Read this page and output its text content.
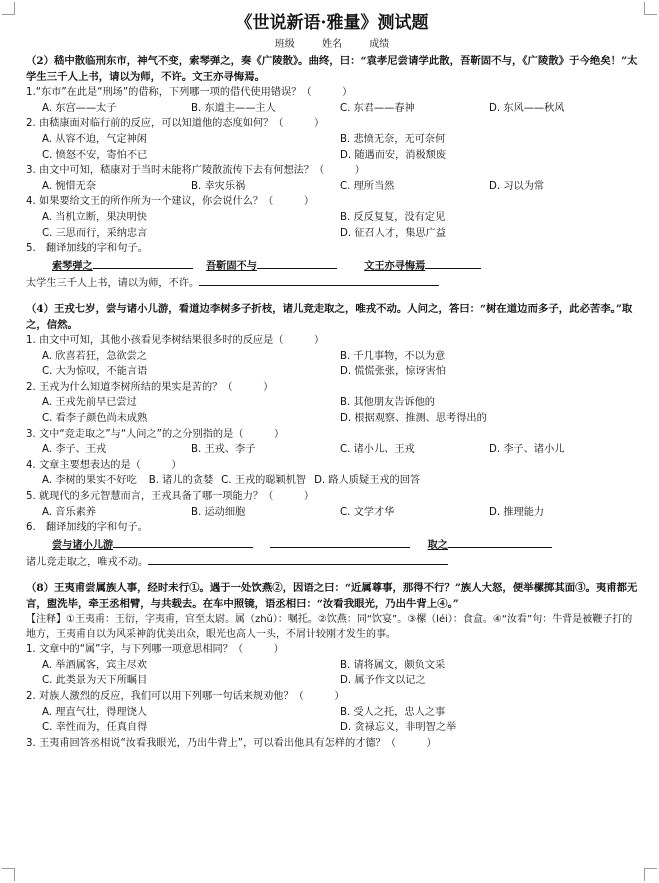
《世说新语·雅量》测试题
班级	姓名	成绩
（2）嵇中散临刑东市，神气不变，索琴弹之，奏《广陵散》。曲终，曰：“袁孝尼尝请学此散，吾靳固不与，《广陵散》于今绝矣！”太学生三千人上书，请以为师，不许。文王亦寻悔焉。
1.“东市”在此是“刑场”的借称，下列哪一项的借代使用错误？（　　　）
A. 东宫——太子	B. 东道主——主人	C. 东君——春神	D. 东风——秋风
2. 由嵇康面对临行前的反应，可以知道他的态度如何？（　　　）
A. 从容不迫，气定神闲	B. 悲愤无奈，无可奈何
C. 愤怒不安，寄怕不已	D. 随遇而安，消极颓废
3. 由文中可知，嵇康对于当时未能将广陵散流传下去有何想法？（　　　）
A. 惋惜无奈	B. 幸灾乐祸	C. 理所当然	D. 习以为常
4. 如果要给文王的所作所为一个建议，你会说什么？（　　　）
A. 当机立断，果决明快	B. 反反复复，没有定见
C. 三思而行，采纳忠言	D. 征召人才，集思广益
5.　翻译加线的字和句子。
索琴弹之	吾靳固不与	文王亦寻悔焉
太学生三千人上书，请以为师，不许。
（4）王戎七岁，尝与诸小儿游，看道边李树多子折枝，诸儿竞走取之，唯戎不动。人问之，答曰：“树在道边而多子，此必苦李。”取之，信然。
1. 由文中可知，其他小孩看见李树结果很多时的反应是（　　　）
A. 欣喜若狂，急欲尝之	B. 千几事物，不以为意
C. 大为惊叹，不能言语	D. 慌慌张张，惊讶害怕
2. 王戎为什么知道李树所结的果实是苦的？（　　　）
A. 王戎先前早已尝过	B. 其他朋友告诉他的
C. 看李子颜色尚未成熟	D. 根据观察、推测、思考得出的
3. 文中“竞走取之”与“人问之”的之分别指的是（　　　）
A. 李子、王戎	B. 王戎、李子	C. 诸小儿、王戎	D. 李子、诸小儿
4. 文章主要想表达的是（　　　）
A. 李树的果实不好吃 B. 诸儿的贪婪 C. 王戎的聪颖机智 D. 路人质疑王戎的回答
5. 就现代的多元智慧而言，王戎具备了哪一项能力？（　　　）
A. 音乐素养	B. 运动细胞	C. 文学才华	D. 推理能力
6.　翻译加线的字和句子。
尝与诸小儿游	取之
诸儿竞走取之，唯戎不动。
（8）王夷甫尝属族人事，经时未行①。遇于一处饮燕②，因语之曰：“近属尊事，那得不行？”族人大怒，便举樏掷其面③。夷甫都无言，盥洗毕，牵王丞相臂，与共载去。在车中照镜，语丞相曰：“汝看我眼光，乃出牛背上④。”
【注释】①王夷甫：王衍，字夷甫，官至太尉。属（zhǔ）：嘱托。②饮燕：同“饮宴”。③樏（léi）：食盒。④“汝看”句：牛背是被鞭子打的地方，王夷甫自以为风采神韵优美出众，眼光也高人一头，不屑计较刚才发生的事。
1. 文章中的“属”字，与下列哪一项意思相同？（　　　）
A. 举酒属客，宾主尽欢	B. 请将属文，颇负文采
C. 此类景为天下所瞩目	D. 属予作文以记之
2. 对族人激烈的反应，我们可以用下列哪一句话来规劝他？（　　　）
A. 理直气壮，得理饶人	B. 受人之托，忠人之事
C. 幸性而为，任真自得	D. 贪禄忘义，非明智之举
3. 王夷甫回答丞相说“汝看我眼光，乃出牛背上”，可以看出他具有怎样的才德？（　　　）
